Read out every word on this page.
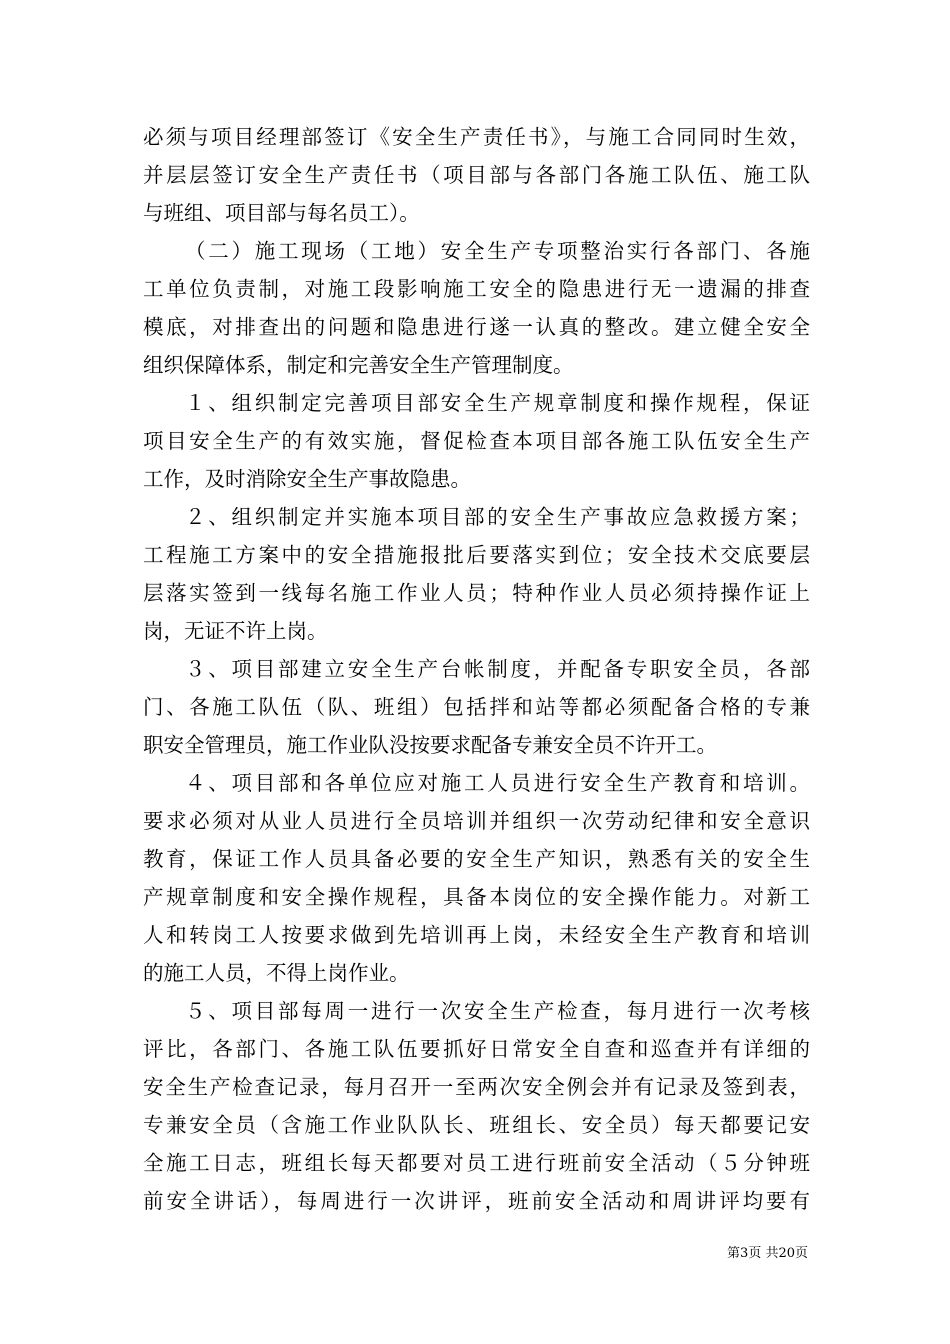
必须与项目经理部签订《安全生产责任书》，与施工合同同时生效，
并层层签订安全生产责任书（项目部与各部门各施工队伍、施工队
与班组、项目部与每名员工）。
（二）施工现场（工地）安全生产专项整治实行各部门、各施
工单位负责制，对施工段影响施工安全的隐患进行无一遗漏的排查
模底，对排查出的问题和隐患进行遂一认真的整改。建立健全安全
组织保障体系，制定和完善安全生产管理制度。
１、组织制定完善项目部安全生产规章制度和操作规程，保证
项目安全生产的有效实施，督促检查本项目部各施工队伍安全生产
工作，及时消除安全生产事故隐患。
２、组织制定并实施本项目部的安全生产事故应急救援方案；
工程施工方案中的安全措施报批后要落实到位；安全技术交底要层
层落实签到一线每名施工作业人员；特种作业人员必须持操作证上
岗，无证不许上岗。
３、项目部建立安全生产台帐制度，并配备专职安全员，各部
门、各施工队伍（队、班组）包括拌和站等都必须配备合格的专兼
职安全管理员，施工作业队没按要求配备专兼安全员不许开工。
４、项目部和各单位应对施工人员进行安全生产教育和培训。
要求必须对从业人员进行全员培训并组织一次劳动纪律和安全意识
教育，保证工作人员具备必要的安全生产知识，熟悉有关的安全生
产规章制度和安全操作规程，具备本岗位的安全操作能力。对新工
人和转岗工人按要求做到先培训再上岗，未经安全生产教育和培训
的施工人员，不得上岗作业。
５、项目部每周一进行一次安全生产检查，每月进行一次考核
评比，各部门、各施工队伍要抓好日常安全自查和巡查并有详细的
安全生产检查记录，每月召开一至两次安全例会并有记录及签到表，
专兼安全员（含施工作业队队长、班组长、安全员）每天都要记安
全施工日志，班组长每天都要对员工进行班前安全活动（５分钟班
前安全讲话），每周进行一次讲评，班前安全活动和周讲评均要有
第3页 共20页
